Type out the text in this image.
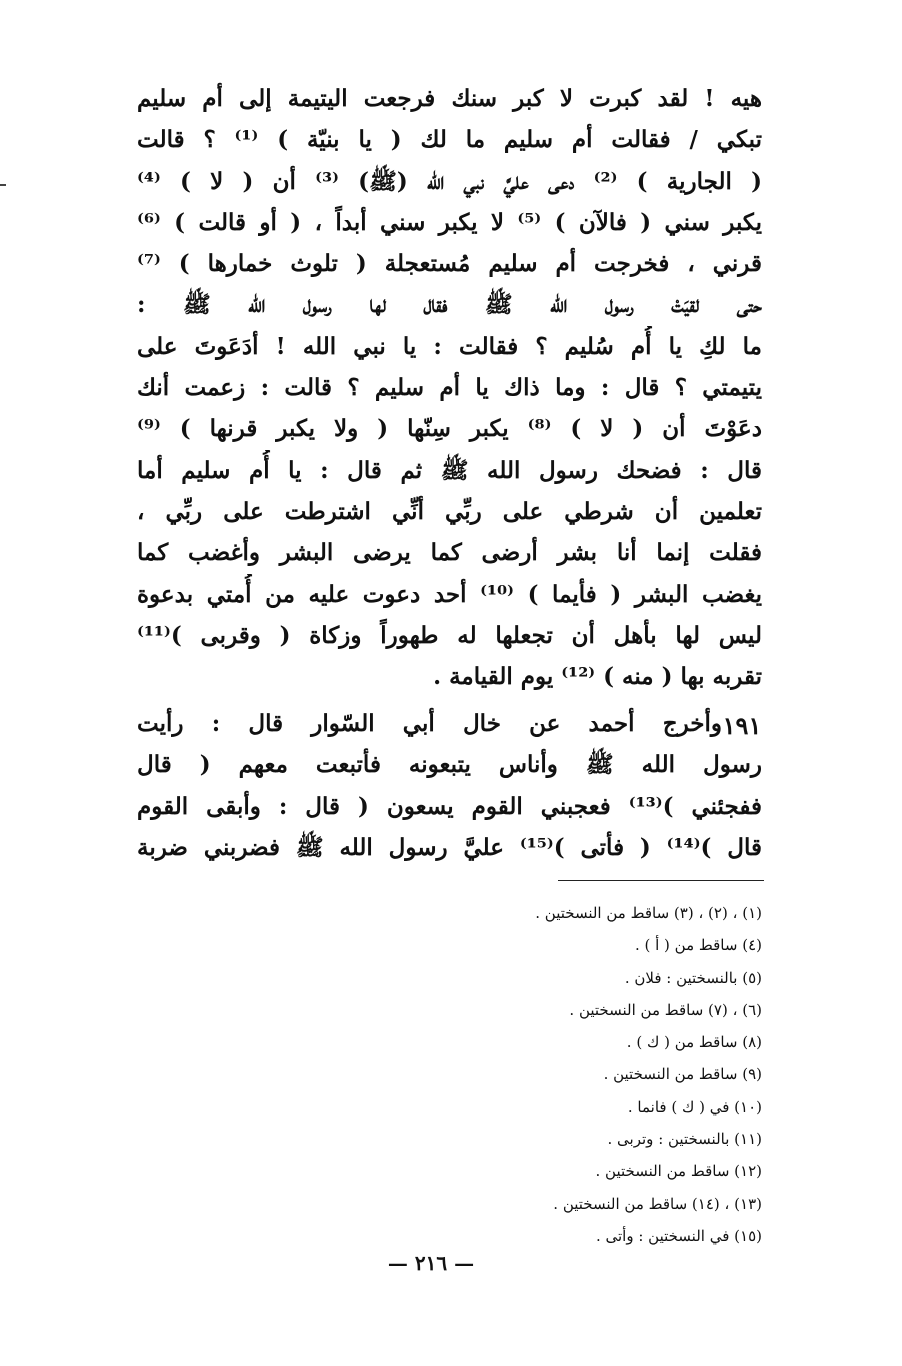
هيه ! لقد كبرت لا كبر سنك فرجعت اليتيمة إلى أم سليم
تبكي / فقالت أم سليم ما لك ( يا بنيّة ) ⁽¹⁾ ؟ قالت
( الجارية ) ⁽²⁾ دعى عليَّ نبي الله (ﷺ) ⁽³⁾ أن ( لا ) ⁽⁴⁾
يكبر سني ( فالآن ) ⁽⁵⁾ لا يكبر سني أبداً ، ( أو قالت ) ⁽⁶⁾
قرني ، فخرجت أم سليم مُستعجلة ( تلوث خمارها ) ⁽⁷⁾
حتى لقيَتْ رسول الله ﷺ فقال لها رسول الله ﷺ :
ما لكِ يا أُم سُليم ؟ فقالت : يا نبي الله ! أدَعَوتَ على
يتيمتي ؟ قال : وما ذاك يا أم سليم ؟ قالت : زعمت أنك
دعَوْتَ أن ( لا ) ⁽⁸⁾ يكبر سِنّها ( ولا يكبر قرنها ) ⁽⁹⁾
قال : فضحك رسول الله ﷺ ثم قال : يا أُم سليم أما
تعلمين أن شرطي على ربِّي أنِّي اشترطت على ربِّي ،
فقلت إنما أنا بشر أرضى كما يرضى البشر وأغضب كما
يغضب البشر ( فأيما ) ⁽¹⁰⁾ أحد دعوت عليه من أُمتي بدعوة
ليس لها بأهل أن تجعلها له طهوراً وزكاة ( وقربى )⁽¹¹⁾
تقربه بها ( منه ) ⁽¹²⁾ يوم القيامة .
١٩١
وأخرج أحمد عن خال أبي السّوار قال : رأيت
رسول الله ﷺ وأناس يتبعونه فأتبعت معهم ( قال
ففجئني )⁽¹³⁾ فعجبني القوم يسعون ( قال : وأبقى القوم
قال )⁽¹⁴⁾ ( فأتى )⁽¹⁵⁾ عليَّ رسول الله ﷺ فضربني ضربة
(١) ، (٢) ، (٣) ساقط من النسختين .
(٤) ساقط من ( أ ) .
(٥) بالنسختين : فلان .
(٦) ، (٧) ساقط من النسختين .
(٨) ساقط من ( ك ) .
(٩) ساقط من النسختين .
(١٠) في ( ك ) فانما .
(١١) بالنسختين : وتربى .
(١٢) ساقط من النسختين .
(١٣) ، (١٤) ساقط من النسختين .
(١٥) في النسختين : وأتى .
— ٢١٦ —
